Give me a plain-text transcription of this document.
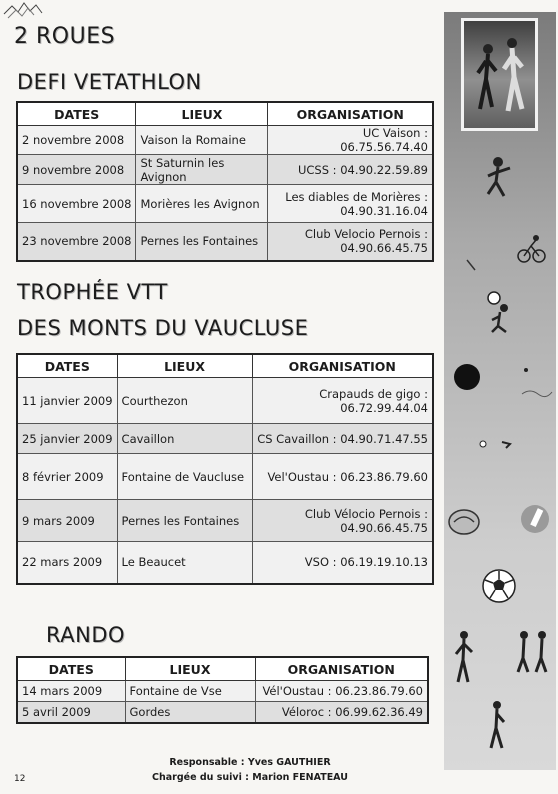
2 ROUES
DEFI VETATHLON
DATES	LIEUX	ORGANISATION
2 novembre 2008	Vaison la Romaine	UC Vaison : 06.75.56.74.40
9 novembre 2008	St Saturnin les Avignon	UCSS : 04.90.22.59.89
16 novembre 2008	Morières les Avignon	Les diables de Morières :
04.90.31.16.04
23 novembre 2008	Pernes les Fontaines	Club Velocio Pernois :
04.90.66.45.75
TROPHÉE VTT
DES MONTS DU VAUCLUSE
DATES	LIEUX	ORGANISATION
11 janvier 2009	Courthezon	Crapauds de gigo :
06.72.99.44.04
25 janvier 2009	Cavaillon	CS Cavaillon : 04.90.71.47.55
8 février 2009	Fontaine de Vaucluse	Vel'Oustau : 06.23.86.79.60
9 mars 2009	Pernes les Fontaines	Club Vélocio Pernois :
04.90.66.45.75
22 mars 2009	Le Beaucet	VSO : 06.19.19.10.13
RANDO
DATES	LIEUX	ORGANISATION
14 mars 2009	Fontaine de Vse	Vél'Oustau : 06.23.86.79.60
5 avril 2009	Gordes	Véloroc : 06.99.62.36.49
Responsable : Yves GAUTHIER
Chargée du suivi : Marion FENATEAU
12
